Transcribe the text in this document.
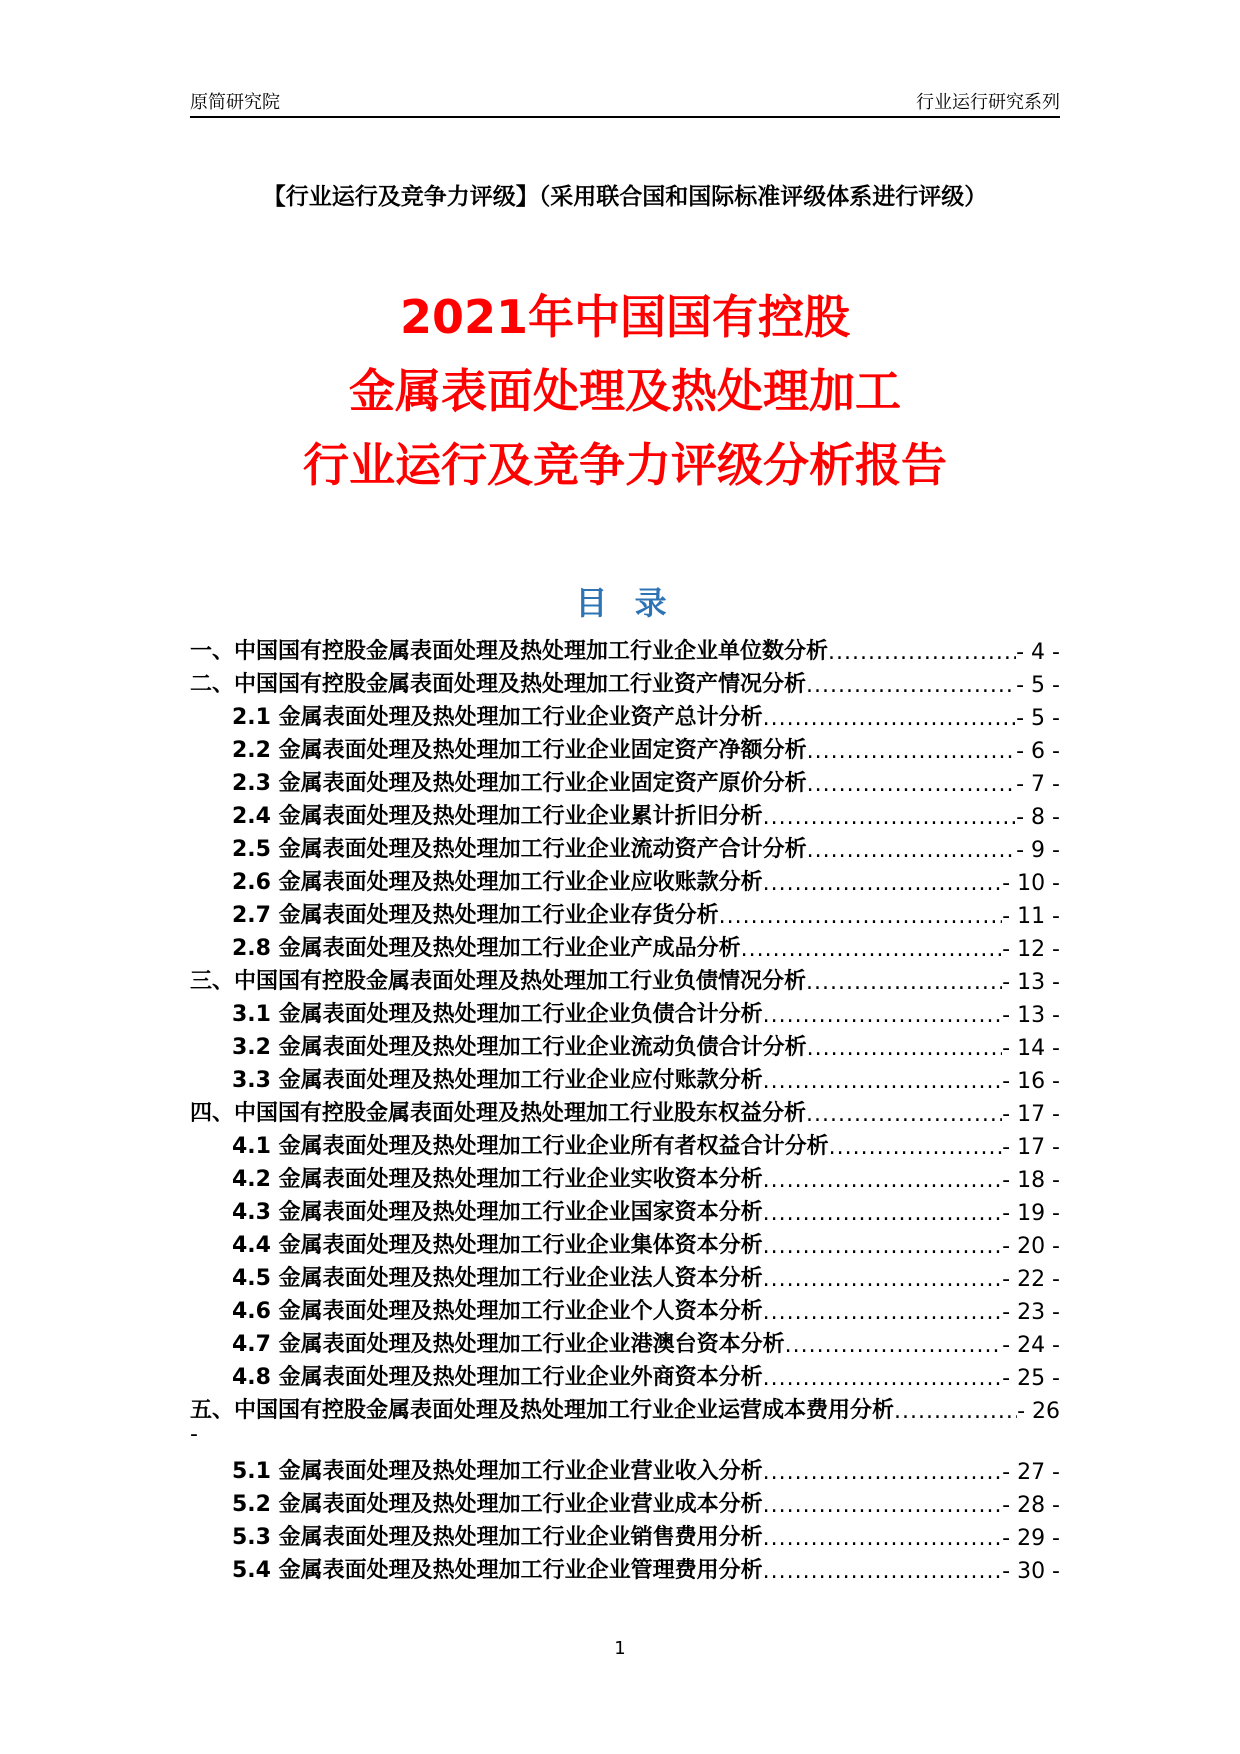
原简研究院	行业运行研究系列
【行业运行及竞争力评级】（采用联合国和国际标准评级体系进行评级）
2021年中国国有控股
金属表面处理及热处理加工
行业运行及竞争力评级分析报告
目 录
一、中国国有控股金属表面处理及热处理加工行业企业单位数分析 .....	- 4 -
二、中国国有控股金属表面处理及热处理加工行业资产情况分析 .....	- 5 -
2.1 金属表面处理及热处理加工行业企业资产总计分析 .....	- 5 -
2.2 金属表面处理及热处理加工行业企业固定资产净额分析 .....	- 6 -
2.3 金属表面处理及热处理加工行业企业固定资产原价分析 .....	- 7 -
2.4 金属表面处理及热处理加工行业企业累计折旧分析 .....	- 8 -
2.5 金属表面处理及热处理加工行业企业流动资产合计分析 .....	- 9 -
2.6 金属表面处理及热处理加工行业企业应收账款分析 .....	- 10 -
2.7 金属表面处理及热处理加工行业企业存货分析 .....	- 11 -
2.8 金属表面处理及热处理加工行业企业产成品分析 .....	- 12 -
三、中国国有控股金属表面处理及热处理加工行业负债情况分析 .....	- 13 -
3.1 金属表面处理及热处理加工行业企业负债合计分析 .....	- 13 -
3.2 金属表面处理及热处理加工行业企业流动负债合计分析 .....	- 14 -
3.3 金属表面处理及热处理加工行业企业应付账款分析 .....	- 16 -
四、中国国有控股金属表面处理及热处理加工行业股东权益分析 .....	- 17 -
4.1 金属表面处理及热处理加工行业企业所有者权益合计分析 .....	- 17 -
4.2 金属表面处理及热处理加工行业企业实收资本分析 .....	- 18 -
4.3 金属表面处理及热处理加工行业企业国家资本分析 .....	- 19 -
4.4 金属表面处理及热处理加工行业企业集体资本分析 .....	- 20 -
4.5 金属表面处理及热处理加工行业企业法人资本分析 .....	- 22 -
4.6 金属表面处理及热处理加工行业企业个人资本分析 .....	- 23 -
4.7 金属表面处理及热处理加工行业企业港澳台资本分析 .....	- 24 -
4.8 金属表面处理及热处理加工行业企业外商资本分析 .....	- 25 -
五、中国国有控股金属表面处理及热处理加工行业企业运营成本费用分析 .....	- 26
-
5.1 金属表面处理及热处理加工行业企业营业收入分析 .....	- 27 -
5.2 金属表面处理及热处理加工行业企业营业成本分析 .....	- 28 -
5.3 金属表面处理及热处理加工行业企业销售费用分析 .....	- 29 -
5.4 金属表面处理及热处理加工行业企业管理费用分析 .....	- 30 -
1
